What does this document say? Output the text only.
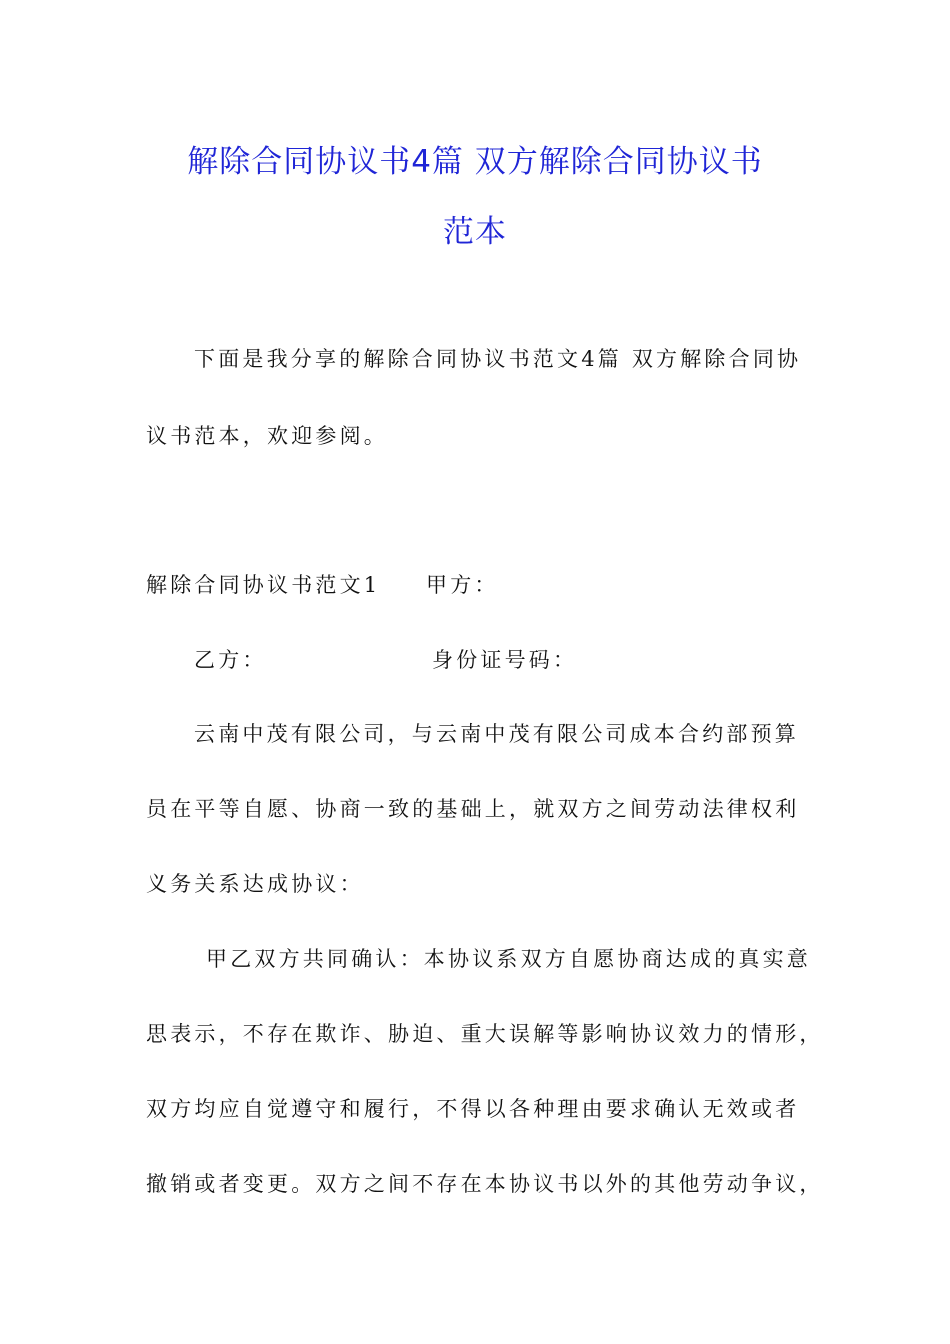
解除合同协议书4篇 双方解除合同协议书
范本
下面是我分享的解除合同协议书范文4篇 双方解除合同协
议书范本，欢迎参阅。
解除合同协议书范文1 甲方：
乙方：	身份证号码：
云南中茂有限公司，与云南中茂有限公司成本合约部预算
员在平等自愿、协商一致的基础上，就双方之间劳动法律权利
义务关系达成协议：
甲乙双方共同确认：本协议系双方自愿协商达成的真实意
思表示，不存在欺诈、胁迫、重大误解等影响协议效力的情形，
双方均应自觉遵守和履行，不得以各种理由要求确认无效或者
撤销或者变更。双方之间不存在本协议书以外的其他劳动争议，
